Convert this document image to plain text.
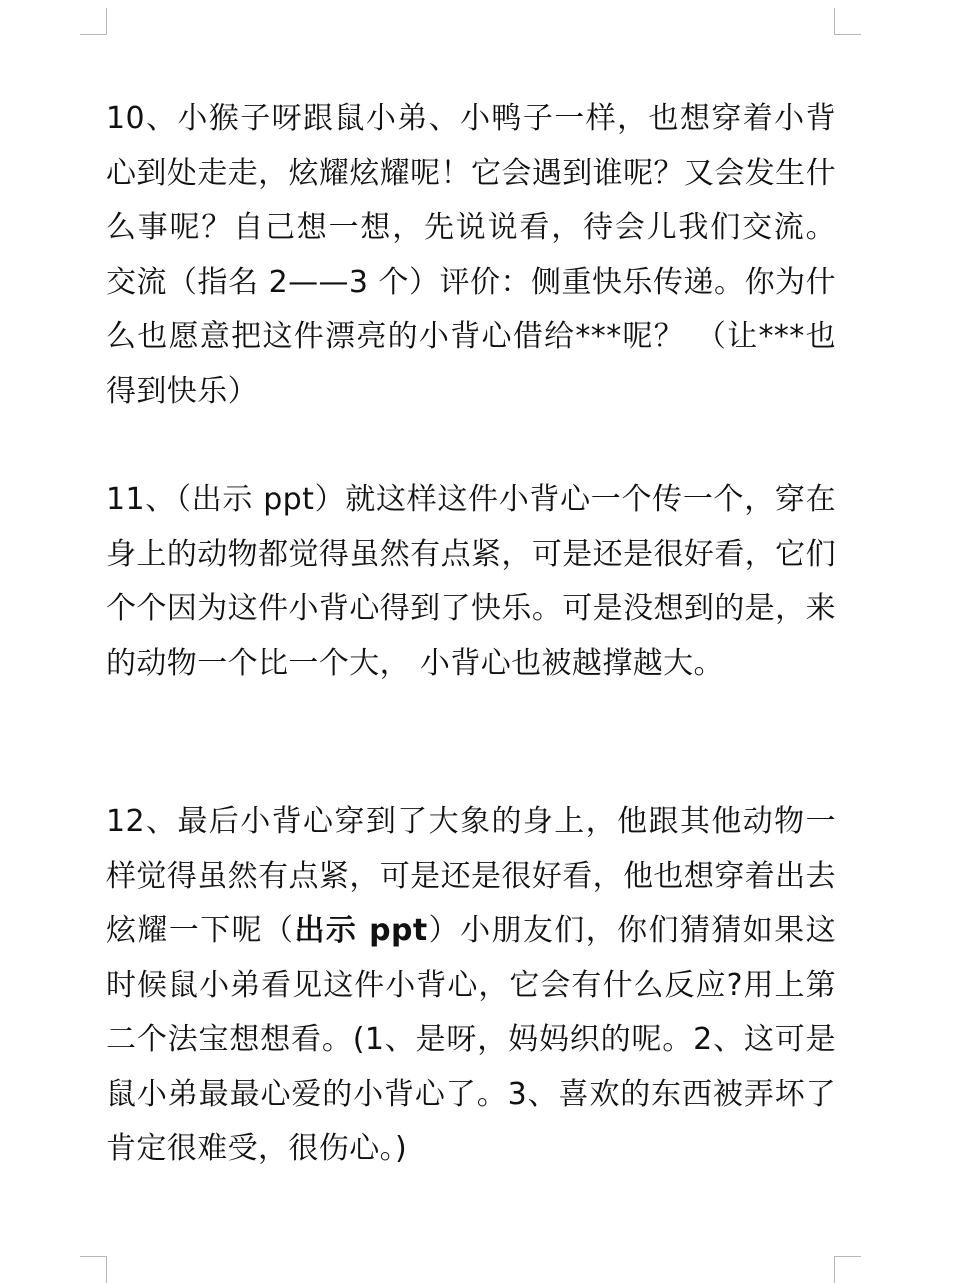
10、小猴子呀跟鼠小弟、小鸭子一样，也想穿着小背心到处走走，炫耀炫耀呢！它会遇到谁呢？又会发生什么事呢？自己想一想，先说说看，待会儿我们交流。 交流（指名 2——3 个）评价：侧重快乐传递。你为什么也愿意把这件漂亮的小背心借给***呢？ （让***也得到快乐）

11、（出示 ppt）就这样这件小背心一个传一个，穿在身上的动物都觉得虽然有点紧，可是还是很好看，它们个个因为这件小背心得到了快乐。可是没想到的是，来的动物一个比一个大， 小背心也被越撑越大。

12、最后小背心穿到了大象的身上，他跟其他动物一样觉得虽然有点紧，可是还是很好看，他也想穿着出去炫耀一下呢（出示 ppt）小朋友们，你们猜猜如果这时候鼠小弟看见这件小背心，它会有什么反应?用上第二个法宝想想看。(1、是呀，妈妈织的呢。2、这可是鼠小弟最最心爱的小背心了。3、喜欢的东西被弄坏了肯定很难受，很伤心。)
